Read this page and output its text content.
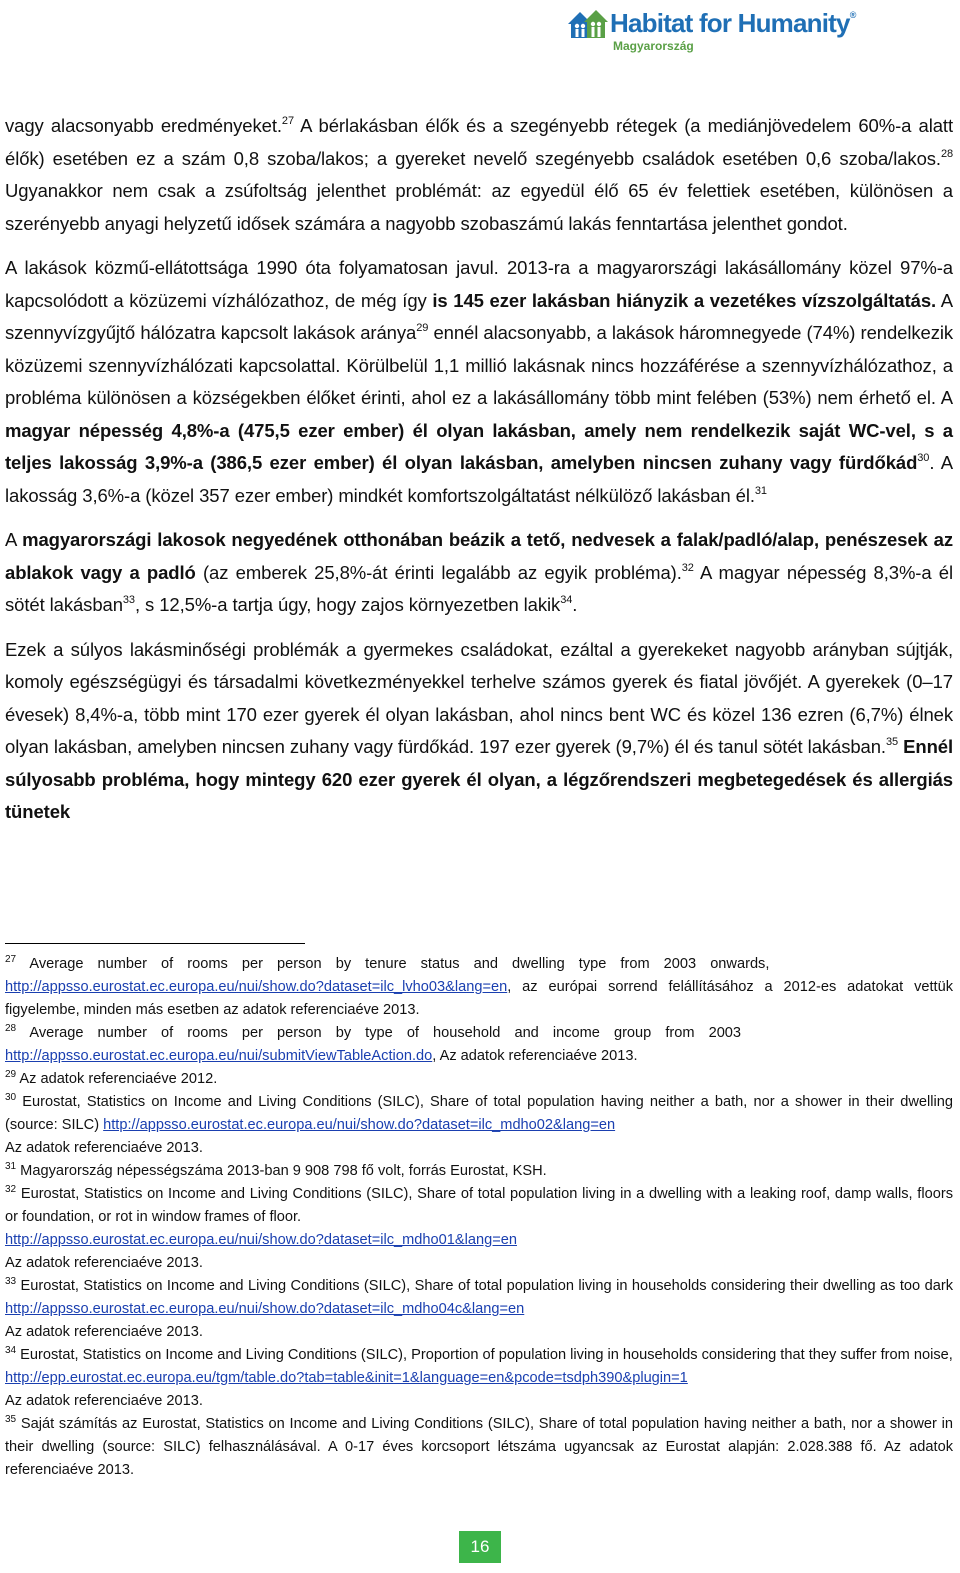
Habitat for Humanity®
Magyarország

vagy alacsonyabb eredményeket.$^{27}$ A bérlakásban élők és a szegényebb rétegek (a mediánjövedelem 60%-a alatt élők) esetében ez a szám 0,8 szoba/lakos; a gyereket nevelő szegényebb családok esetében 0,6 szoba/lakos.$^{28}$ Ugyanakkor nem csak a zsúfoltság jelenthet problémát: az egyedül élő 65 év felettiek esetében, különösen a szerényebb anyagi helyzetű idősek számára a nagyobb szobaszámú lakás fenntartása jelenthet gondot.

A lakások közmű-ellátottsága 1990 óta folyamatosan javul. 2013-ra a magyarországi lakásállomány közel 97%-a kapcsolódott a közüzemi vízhálózathoz, de még így is 145 ezer lakásban hiányzik a vezetékes vízszolgáltatás. A szennyvízgyűjtő hálózatra kapcsolt lakások aránya$^{29}$ ennél alacsonyabb, a lakások háromnegyede (74%) rendelkezik közüzemi szennyvízhálózati kapcsolattal. Körülbelül 1,1 millió lakásnak nincs hozzáférése a szennyvízhálózathoz, a probléma különösen a községekben élőket érinti, ahol ez a lakásállomány több mint felében (53%) nem érhető el. A magyar népesség 4,8%-a (475,5 ezer ember) él olyan lakásban, amely nem rendelkezik saját WC-vel, s a teljes lakosság 3,9%-a (386,5 ezer ember) él olyan lakásban, amelyben nincsen zuhany vagy fürdőkád$^{30}$. A lakosság 3,6%-a (közel 357 ezer ember) mindkét komfortszolgáltatást nélkülöző lakásban él.$^{31}$

A magyarországi lakosok negyedének otthonában beázik a tető, nedvesek a falak/padló/alap, penészesek az ablakok vagy a padló (az emberek 25,8%-át érinti legalább az egyik probléma).$^{32}$ A magyar népesség 8,3%-a él sötét lakásban$^{33}$, s 12,5%-a tartja úgy, hogy zajos környezetben lakik$^{34}$.

Ezek a súlyos lakásminőségi problémák a gyermekes családokat, ezáltal a gyerekeket nagyobb arányban sújtják, komoly egészségügyi és társadalmi következményekkel terhelve számos gyerek és fiatal jövőjét. A gyerekek (0–17 évesek) 8,4%-a, több mint 170 ezer gyerek él olyan lakásban, ahol nincs bent WC és közel 136 ezren (6,7%) élnek olyan lakásban, amelyben nincsen zuhany vagy fürdőkád. 197 ezer gyerek (9,7%) él és tanul sötét lakásban.$^{35}$ Ennél súlyosabb probléma, hogy mintegy 620 ezer gyerek él olyan, a légzőrendszeri megbetegedések és allergiás tünetek

$^{27}$ Average number of rooms per person by tenure status and dwelling type from 2003 onwards,
http://appsso.eurostat.ec.europa.eu/nui/show.do?dataset=ilc_lvho03&lang=en, az európai sorrend felállításához a 2012-es adatokat vettük figyelembe, minden más esetben az adatok referenciaéve 2013.

$^{28}$ Average number of rooms per person by type of household and income group from 2003
http://appsso.eurostat.ec.europa.eu/nui/submitViewTableAction.do, Az adatok referenciaéve 2013.

$^{29}$ Az adatok referenciaéve 2012.

$^{30}$ Eurostat, Statistics on Income and Living Conditions (SILC), Share of total population having neither a bath, nor a shower in their dwelling (source: SILC) http://appsso.eurostat.ec.europa.eu/nui/show.do?dataset=ilc_mdho02&lang=en
Az adatok referenciaéve 2013.

$^{31}$ Magyarország népességszáma 2013-ban 9 908 798 fő volt, forrás Eurostat, KSH.

$^{32}$ Eurostat, Statistics on Income and Living Conditions (SILC), Share of total population living in a dwelling with a leaking roof, damp walls, floors or foundation, or rot in window frames of floor.
http://appsso.eurostat.ec.europa.eu/nui/show.do?dataset=ilc_mdho01&lang=en
Az adatok referenciaéve 2013.

$^{33}$ Eurostat, Statistics on Income and Living Conditions (SILC), Share of total population living in households considering their dwelling as too dark http://appsso.eurostat.ec.europa.eu/nui/show.do?dataset=ilc_mdho04c&lang=en
Az adatok referenciaéve 2013.

$^{34}$ Eurostat, Statistics on Income and Living Conditions (SILC), Proportion of population living in households considering that they suffer from noise,
http://epp.eurostat.ec.europa.eu/tgm/table.do?tab=table&init=1&language=en&pcode=tsdph390&plugin=1
Az adatok referenciaéve 2013.

$^{35}$ Saját számítás az Eurostat, Statistics on Income and Living Conditions (SILC), Share of total population having neither a bath, nor a shower in their dwelling (source: SILC) felhasználásával. A 0-17 éves korcsoport létszáma ugyancsak az Eurostat alapján: 2.028.388 fő. Az adatok referenciaéve 2013.

16
